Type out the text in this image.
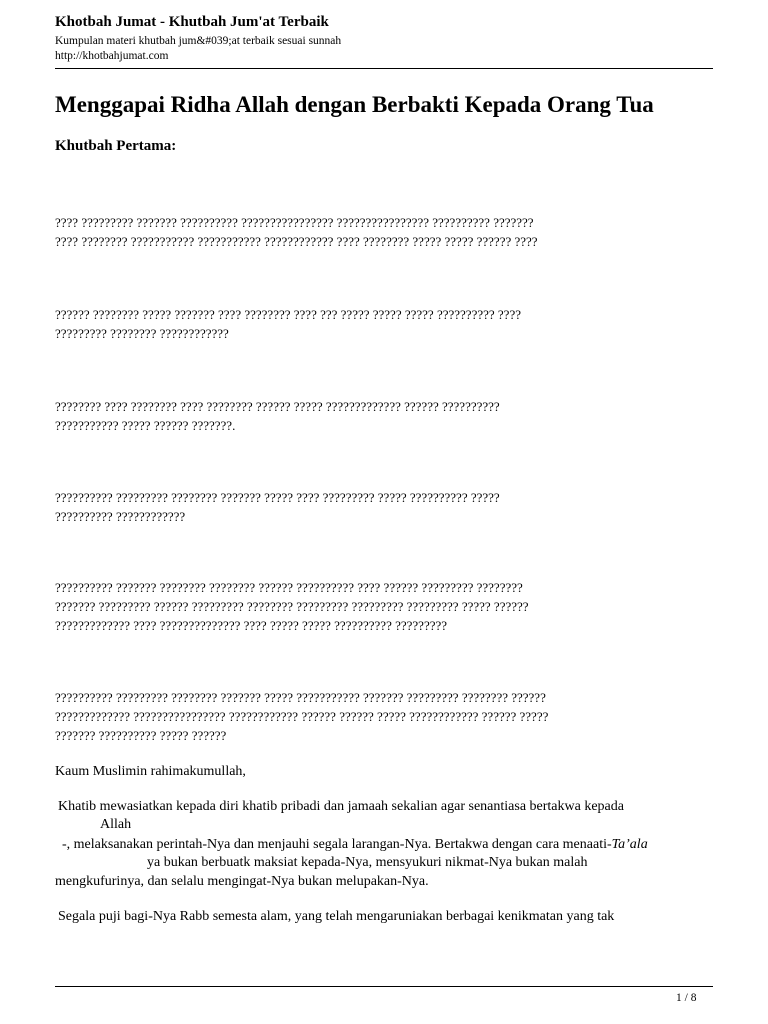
Khotbah Jumat - Khutbah Jum'at Terbaik
Kumpulan materi khutbah jum&#039;at terbaik sesuai sunnah
http://khotbahjumat.com
Menggapai Ridha Allah dengan Berbakti Kepada Orang Tua
Khutbah Pertama:
???? ????????? ??????? ?????????? ???????????????? ???????????????? ?????????? ???????
???? ???????? ??????????? ??????????? ???????????? ???? ???????? ????? ????? ?????? ????
?????? ???????? ????? ??????? ???? ???????? ???? ??? ????? ????? ????? ?????????? ????
????????? ???????? ????????????
???????? ???? ???????? ???? ???????? ?????? ????? ????????????? ?????? ??????????
??????????? ????? ?????? ???????.
?????????? ????????? ???????? ??????? ????? ???? ????????? ????? ?????????? ?????
?????????? ????????????
?????????? ??????? ???????? ???????? ?????? ?????????? ???? ?????? ????????? ????????
??????? ????????? ?????? ????????? ???????? ????????? ????????? ????????? ????? ??????
????????????? ???? ?????????????? ???? ????? ????? ?????????? ?????????
?????????? ????????? ???????? ??????? ????? ??????????? ??????? ????????? ???????? ??????
????????????? ???????????????? ???????????? ?????? ?????? ????? ???????????? ?????? ?????
??????? ?????????? ????? ??????
Kaum Muslimin rahimakumullah,
Khatib mewasiatkan kepada diri khatib pribadi dan jamaah sekalian agar senantiasa bertakwa kepada
Allah
-, melaksanakan perintah-Nya dan menjauhi segala larangan-Nya. Bertakwa dengan cara menaati-Ta’ala
ya bukan berbuatk maksiat kepada-Nya, mensyukuri nikmat-Nya bukan malah
mengkufurinya, dan selalu mengingat-Nya bukan melupakan-Nya.
Segala puji bagi-Nya Rabb semesta alam, yang telah mengaruniakan berbagai kenikmatan yang tak
1 / 8
